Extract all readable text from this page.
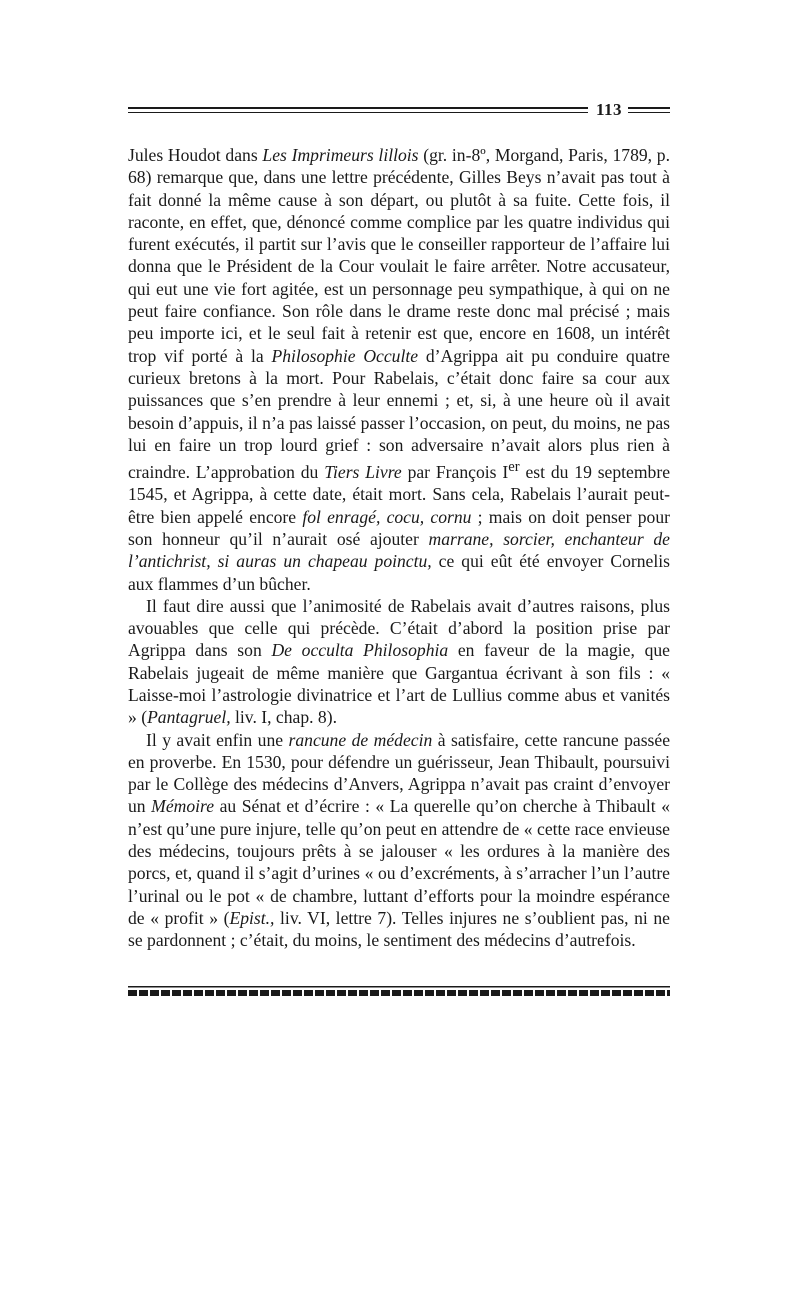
113

Jules Houdot dans Les Imprimeurs lillois (gr. in-8º, Morgand, Paris, 1789, p. 68) remarque que, dans une lettre précédente, Gilles Beys n’avait pas tout à fait donné la même cause à son départ, ou plutôt à sa fuite. Cette fois, il raconte, en effet, que, dénoncé comme complice par les quatre individus qui furent exécutés, il partit sur l’avis que le conseiller rapporteur de l’affaire lui donna que le Président de la Cour voulait le faire arrêter. Notre accusateur, qui eut une vie fort agitée, est un personnage peu sympathique, à qui on ne peut faire confiance. Son rôle dans le drame reste donc mal précisé ; mais peu importe ici, et le seul fait à retenir est que, encore en 1608, un intérêt trop vif porté à la Philosophie Occulte d’Agrippa ait pu conduire quatre curieux bretons à la mort. Pour Rabelais, c’était donc faire sa cour aux puissances que s’en prendre à leur ennemi ; et, si, à une heure où il avait besoin d’appuis, il n’a pas laissé passer l’occasion, on peut, du moins, ne pas lui en faire un trop lourd grief : son adversaire n’avait alors plus rien à craindre. L’approbation du Tiers Livre par François Ier est du 19 septembre 1545, et Agrippa, à cette date, était mort. Sans cela, Rabelais l’aurait peut-être bien appelé encore fol enragé, cocu, cornu ; mais on doit penser pour son honneur qu’il n’aurait osé ajouter marrane, sorcier, enchanteur de l’antichrist, si auras un chapeau poinctu, ce qui eût été envoyer Cornelis aux flammes d’un bûcher.

Il faut dire aussi que l’animosité de Rabelais avait d’autres raisons, plus avouables que celle qui précède. C’était d’abord la position prise par Agrippa dans son De occulta Philosophia en faveur de la magie, que Rabelais jugeait de même manière que Gargantua écrivant à son fils : « Laisse-moi l’astrologie divinatrice et l’art de Lullius comme abus et vanités » (Pantagruel, liv. I, chap. 8).

Il y avait enfin une rancune de médecin à satisfaire, cette rancune passée en proverbe. En 1530, pour défendre un guérisseur, Jean Thibault, poursuivi par le Collège des médecins d’Anvers, Agrippa n’avait pas craint d’envoyer un Mémoire au Sénat et d’écrire : « La querelle qu’on cherche à Thibault « n’est qu’une pure injure, telle qu’on peut en attendre de « cette race envieuse des médecins, toujours prêts à se jalouser « les ordures à la manière des porcs, et, quand il s’agit d’urines « ou d’excréments, à s’arracher l’un l’autre l’urinal ou le pot « de chambre, luttant d’efforts pour la moindre espérance de « profit » (Epist., liv. VI, lettre 7). Telles injures ne s’oublient pas, ni ne se pardonnent ; c’était, du moins, le sentiment des médecins d’autrefois.
